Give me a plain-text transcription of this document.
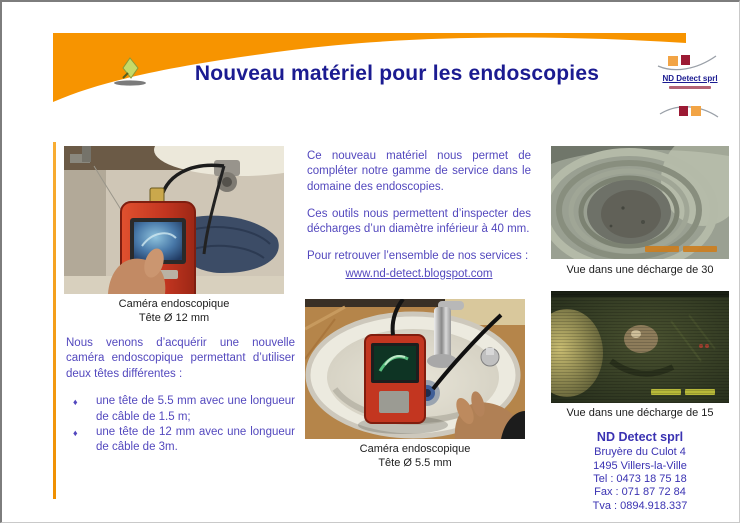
Nouveau matériel pour les endoscopies	ND Detect sprl
Caméra endoscopique
Tête Ø 12 mm

Nous venons d’acquérir une nouvelle caméra endoscopique permettant d’utiliser deux têtes différentes :

♦	une tête de 5.5 mm avec une longueur de câble de 1.5 m;
♦	une tête de 12 mm avec une longueur de câble de 3m.

Ce nouveau matériel nous permet de compléter notre gamme de service dans le domaine des endoscopies.

Ces outils nous permettent d’inspecter des décharges d’un diamètre inférieur à 40 mm.

Pour retrouver l’ensemble de nos services :

www.nd-detect.blogspot.com
Caméra endoscopique
Tête Ø 5.5 mm
Vue dans une décharge de 30
Vue dans une décharge de 15
ND Detect sprl
Bruyère du Culot 4
1495 Villers-la-Ville
Tel : 0473 18 75 18
Fax : 071 87 72 84
Tva : 0894.918.337
